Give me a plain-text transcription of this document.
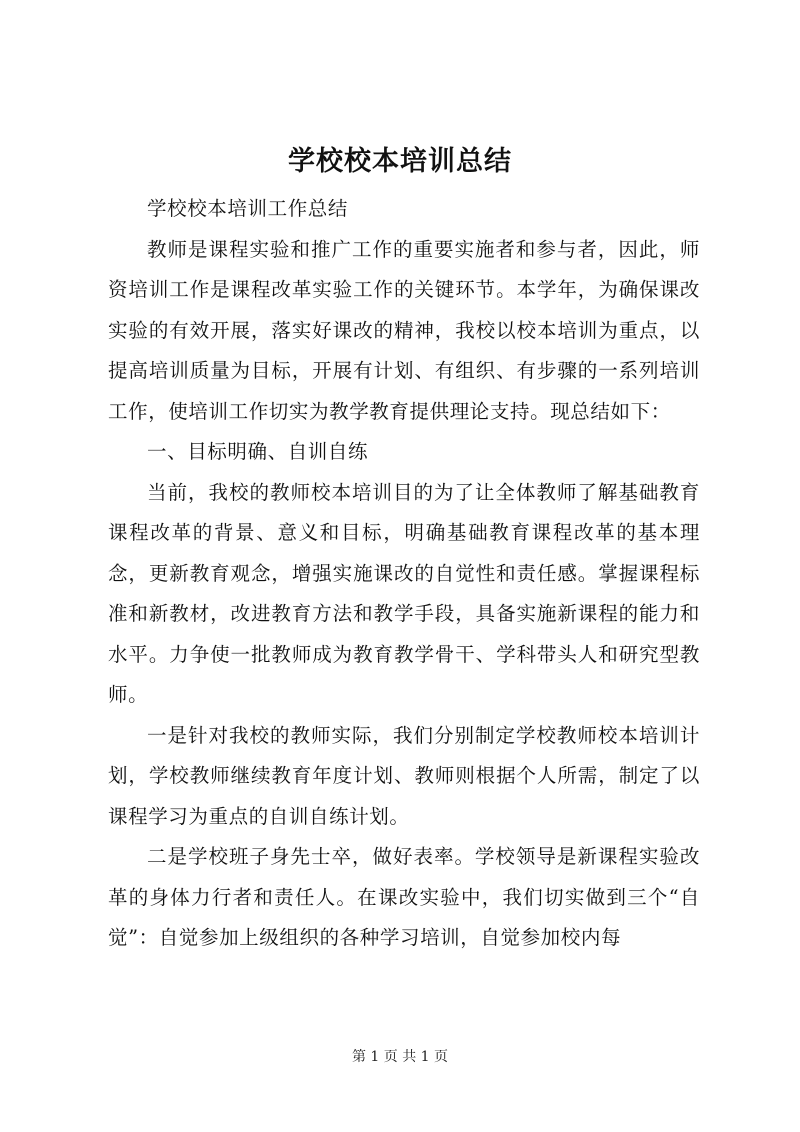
学校校本培训总结

学校校本培训工作总结

教师是课程实验和推广工作的重要实施者和参与者，因此，师资培训工作是课程改革实验工作的关键环节。本学年，为确保课改实验的有效开展，落实好课改的精神，我校以校本培训为重点，以提高培训质量为目标，开展有计划、有组织、有步骤的一系列培训工作，使培训工作切实为教学教育提供理论支持。现总结如下：

一、目标明确、自训自练

当前，我校的教师校本培训目的为了让全体教师了解基础教育课程改革的背景、意义和目标，明确基础教育课程改革的基本理念，更新教育观念，增强实施课改的自觉性和责任感。掌握课程标准和新教材，改进教育方法和教学手段，具备实施新课程的能力和水平。力争使一批教师成为教育教学骨干、学科带头人和研究型教师。

一是针对我校的教师实际，我们分别制定学校教师校本培训计划，学校教师继续教育年度计划、教师则根据个人所需，制定了以课程学习为重点的自训自练计划。

二是学校班子身先士卒，做好表率。学校领导是新课程实验改革的身体力行者和责任人。在课改实验中，我们切实做到三个“自觉”：自觉参加上级组织的各种学习培训，自觉参加校内每

第 1 页 共 1 页
